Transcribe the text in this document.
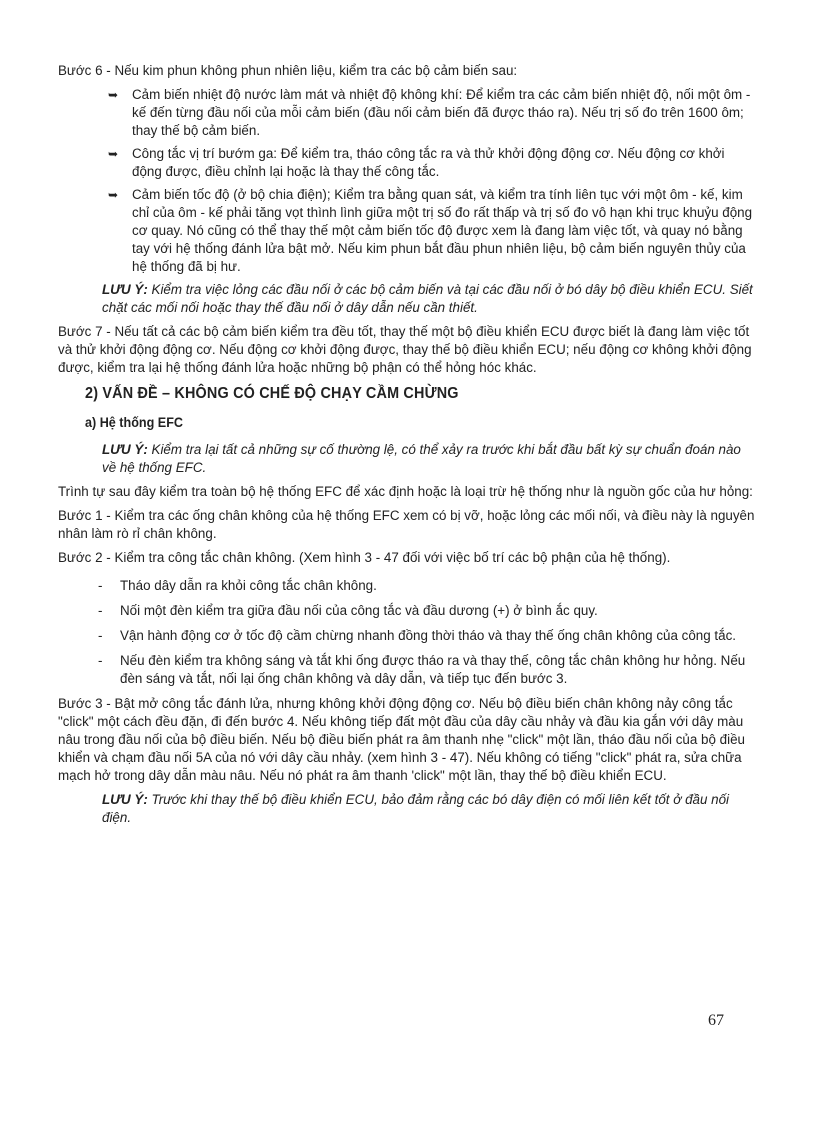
Bước 6 - Nếu kim phun không phun nhiên liệu, kiểm tra các bộ cảm biến sau:

➥ Cảm biến nhiệt độ nước làm mát và nhiệt độ không khí: Để kiểm tra các cảm biến nhiệt độ, nối một ôm - kế đến từng đầu nối của mỗi cảm biến (đầu nối cảm biến đã được tháo ra). Nếu trị số đo trên 1600 ôm; thay thế bộ cảm biến.
➥ Công tắc vị trí bướm ga: Để kiểm tra, tháo công tắc ra và thử khởi động động cơ. Nếu động cơ khởi động được, điều chỉnh lại hoặc là thay thế công tắc.
➥ Cảm biến tốc độ (ở bộ chia điện); Kiểm tra bằng quan sát, và kiểm tra tính liên tục với một ôm - kế, kim chỉ của ôm - kế phải tăng vọt thình lình giữa một trị số đo rất thấp và trị số đo vô hạn khi trục khuỷu động cơ quay. Nó cũng có thể thay thế một cảm biến tốc độ được xem là đang làm việc tốt, và quay nó bằng tay với hệ thống đánh lửa bật mở. Nếu kim phun bắt đầu phun nhiên liệu, bộ cảm biến nguyên thủy của hệ thống đã bị hư.

LƯU Ý: Kiểm tra việc lỏng các đầu nối ở các bộ cảm biến và tại các đầu nối ở bó dây bộ điều khiển ECU. Siết chặt các mối nối hoặc thay thế đầu nối ở dây dẫn nếu cần thiết.

Bước 7 - Nếu tất cả các bộ cảm biến kiểm tra đều tốt, thay thế một bộ điều khiển ECU được biết là đang làm việc tốt và thử khởi động động cơ. Nếu động cơ khởi động được, thay thế bộ điều khiển ECU; nếu động cơ không khởi động được, kiểm tra lại hệ thống đánh lửa hoặc những bộ phận có thể hỏng hóc khác.

2) VẤN ĐỀ – KHÔNG CÓ CHẾ ĐỘ CHẠY CẦM CHỪNG
a) Hệ thống EFC

LƯU Ý: Kiểm tra lại tất cả những sự cố thường lệ, có thể xảy ra trước khi bắt đầu bất kỳ sự chuẩn đoán nào về hệ thống EFC.

Trình tự sau đây kiểm tra toàn bộ hệ thống EFC để xác định hoặc là loại trừ hệ thống như là nguồn gốc của hư hỏng:

Bước 1 - Kiểm tra các ống chân không của hệ thống EFC xem có bị vỡ, hoặc lỏng các mối nối, và điều này là nguyên nhân làm rò rỉ chân không.

Bước 2 - Kiểm tra công tắc chân không. (Xem hình 3 - 47 đối với việc bố trí các bộ phận của hệ thống).

- Tháo dây dẫn ra khỏi công tắc chân không.
- Nối một đèn kiểm tra giữa đầu nối của công tắc và đầu dương (+) ở bình ắc quy.
- Vận hành động cơ ở tốc độ cầm chừng nhanh đồng thời tháo và thay thế ống chân không của công tắc.
- Nếu đèn kiểm tra không sáng và tắt khi ống được tháo ra và thay thế, công tắc chân không hư hỏng. Nếu đèn sáng và tắt, nối lại ống chân không và dây dẫn, và tiếp tục đến bước 3.

Bước 3 - Bật mở công tắc đánh lửa, nhưng không khởi động động cơ. Nếu bộ điều biến chân không nảy công tắc "click" một cách đều đặn, đi đến bước 4. Nếu không tiếp đất một đầu của dây cầu nhảy và đầu kia gắn với dây màu nâu trong đầu nối của bộ điều biến. Nếu bộ điều biến phát ra âm thanh nhẹ "click" một lần, tháo đầu nối của bộ điều khiển và chạm đầu nối 5A của nó với dây cầu nhảy. (xem hình 3 - 47). Nếu không có tiếng "click" phát ra, sửa chữa mạch hở trong dây dẫn màu nâu. Nếu nó phát ra âm thanh 'click" một lần, thay thế bộ điều khiển ECU.

LƯU Ý: Trước khi thay thế bộ điều khiển ECU, bảo đảm rằng các bó dây điện có mối liên kết tốt ở đầu nối điện.

67
